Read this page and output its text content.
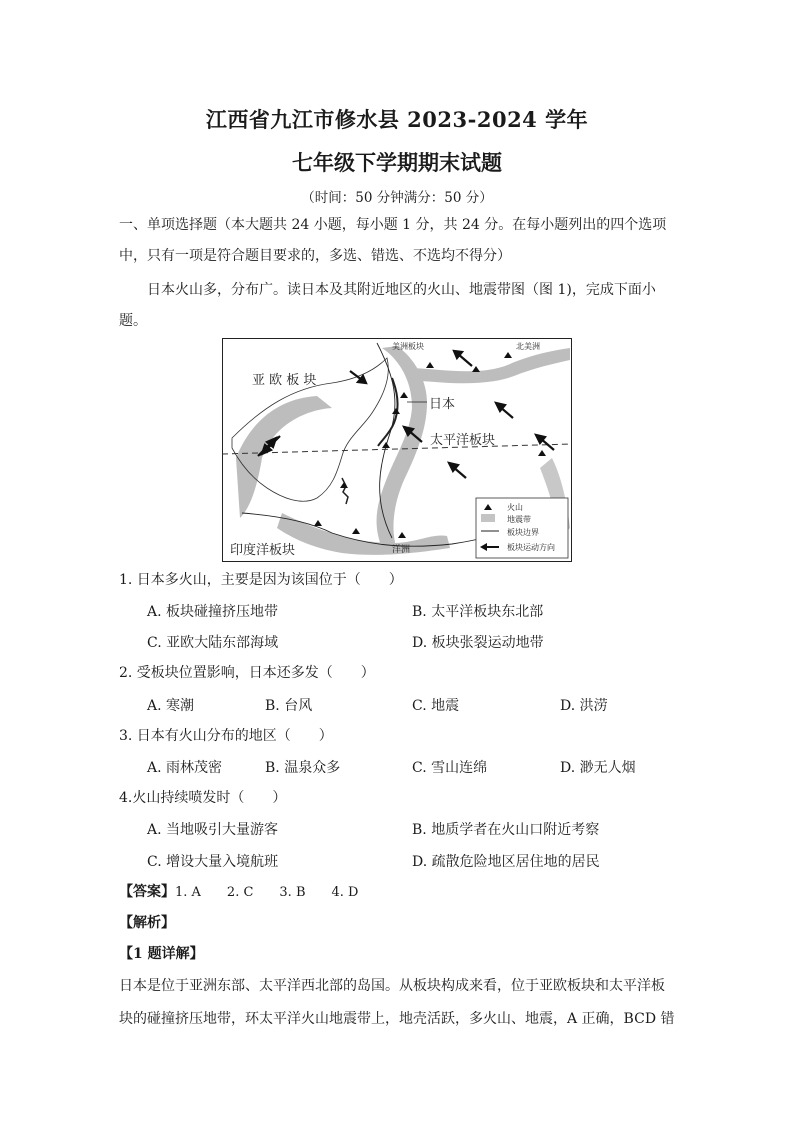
江西省九江市修水县 2023-2024 学年
七年级下学期期末试题
（时间：50 分钟满分：50 分）
一、单项选择题（本大题共 24 小题，每小题 1 分，共 24 分。在每小题列出的四个选项
中，只有一项是符合题目要求的，多选、错选、不选均不得分）
日本火山多，分布广。读日本及其附近地区的火山、地震带图（图 1)，完成下面小
题。
亚 欧 板 块
日本
太平洋板块
印度洋板块
美洲板块	北美洲
洋洲
火山
地震带
板块边界
板块运动方向
1. 日本多火山，主要是因为该国位于（　　）
A. 板块碰撞挤压地带	B. 太平洋板块东北部
C. 亚欧大陆东部海域	D. 板块张裂运动地带
2. 受板块位置影响，日本还多发（　　）
A. 寒潮	B. 台风	C. 地震	D. 洪涝
3. 日本有火山分布的地区（　　）
A. 雨林茂密	B. 温泉众多	C. 雪山连绵	D. 渺无人烟
4.火山持续喷发时（　　）
A. 当地吸引大量游客	B. 地质学者在火山口附近考察
C. 增设大量入境航班	D. 疏散危险地区居住地的居民
【答案】1. A　　2. C　　3. B　　4. D
【解析】
【1 题详解】
日本是位于亚洲东部、太平洋西北部的岛国。从板块构成来看，位于亚欧板块和太平洋板
块的碰撞挤压地带，环太平洋火山地震带上，地壳活跃，多火山、地震，A 正确，BCD 错
